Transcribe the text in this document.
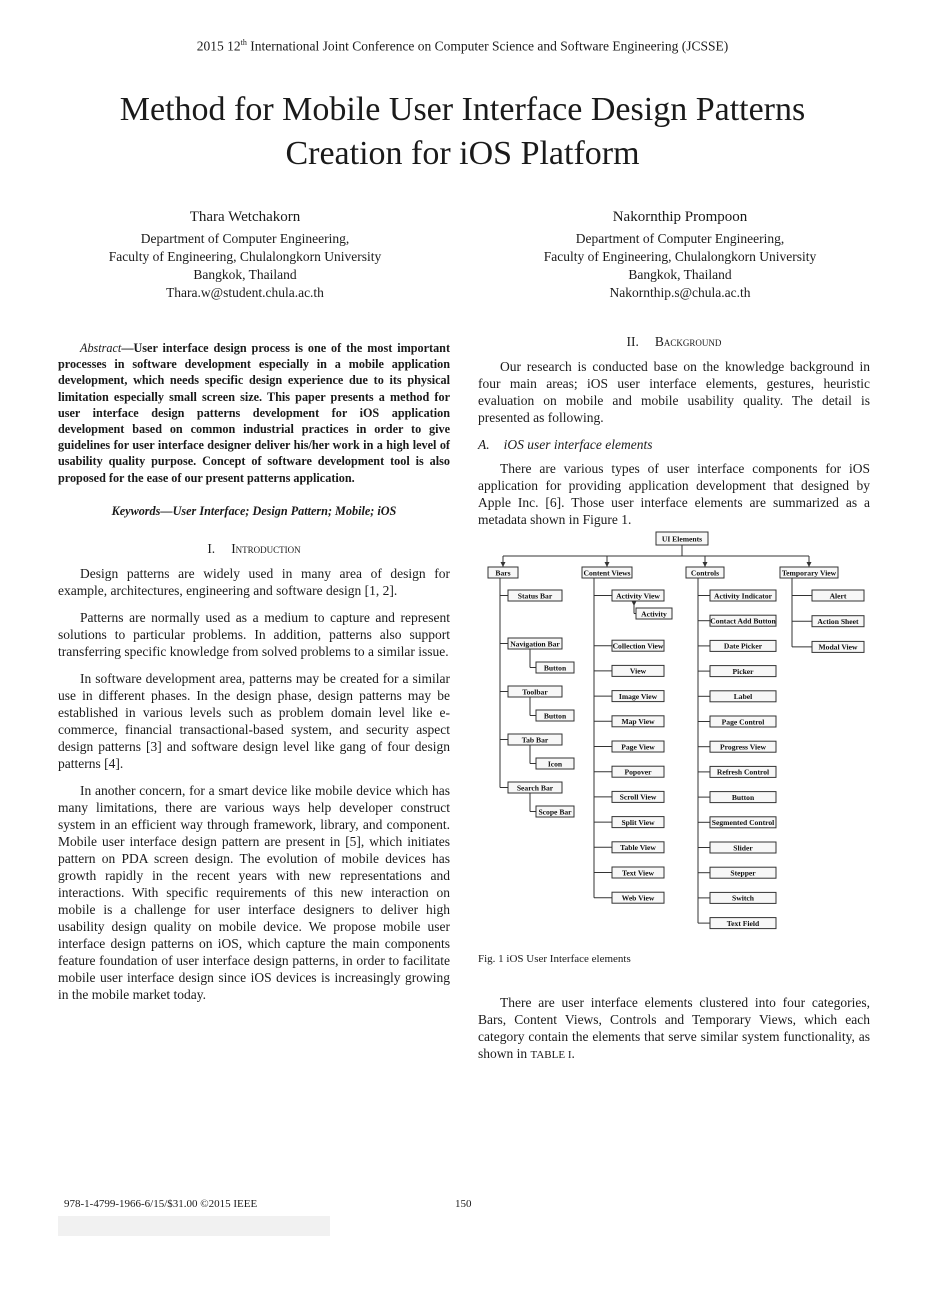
2015 12th International Joint Conference on Computer Science and Software Engineering (JCSSE)
Method for Mobile User Interface Design Patterns
Creation for iOS Platform
Thara Wetchakorn
Department of Computer Engineering,
Faculty of Engineering, Chulalongkorn University
Bangkok, Thailand
Thara.w@student.chula.ac.th
Nakornthip Prompoon
Department of Computer Engineering,
Faculty of Engineering, Chulalongkorn University
Bangkok, Thailand
Nakornthip.s@chula.ac.th

Abstract—User interface design process is one of the most important processes in software development especially in a mobile application development, which needs specific design experience due to its physical limitation especially small screen size. This paper presents a method for user interface design patterns development for iOS application development based on common industrial practices in order to give guidelines for user interface designer deliver his/her work in a high level of usability quality purpose. Concept of software development tool is also proposed for the ease of our present patterns application.

Keywords—User Interface; Design Pattern; Mobile; iOS

I. Introduction

Design patterns are widely used in many area of design for example, architectures, engineering and software design [1, 2].

Patterns are normally used as a medium to capture and represent solutions to particular problems. In addition, patterns also support transferring specific knowledge from solved problems to a similar issue.

In software development area, patterns may be created for a similar use in different phases. In the design phase, design patterns may be established in various levels such as problem domain level like e-commerce, financial transactional-based system, and security aspect design patterns [3] and software design level like gang of four design patterns [4].

In another concern, for a smart device like mobile device which has many limitations, there are various ways help developer construct system in an efficient way through framework, library, and component. Mobile user interface design pattern are present in [5], which initiates pattern on PDA screen design. The evolution of mobile devices has growth rapidly in the recent years with new representations and interactions. With specific requirements of this new interaction on mobile is a challenge for user interface designers to deliver high usability design quality on mobile device. We propose mobile user interface design patterns on iOS, which capture the main components feature foundation of user interface design patterns, in order to facilitate mobile user interface design since iOS devices is increasingly growing in the mobile market today.

II. Background

Our research is conducted base on the knowledge background in four main areas; iOS user interface elements, gestures, heuristic evaluation on mobile and mobile usability quality. The detail is presented as following.

A. iOS user interface elements

There are various types of user interface components for iOS application for providing application development that designed by Apple Inc. [6]. Those user interface elements are summarized as a metadata shown in Figure 1.

UI Elements
Bars
Status Bar
Navigation Bar
Button
Toolbar
Button
Tab Bar
Icon
Search Bar
Scope Bar
Content Views
Activity View
Activity
Collection View
View
Image View
Map View
Page View
Popover
Scroll View
Split View
Table View
Text View
Web View
Controls
Activity Indicator
Contact Add Button
Date Picker
Picker
Label
Page Control
Progress View
Refresh Control
Button
Segmented Control
Slider
Stepper
Switch
Text Field
Temporary View
Alert
Action Sheet
Modal View
Fig. 1 iOS User Interface elements

There are user interface elements clustered into four categories, Bars, Content Views, Controls and Temporary Views, which each category contain the elements that serve similar system functionality, as shown in TABLE I.

978-1-4799-1966-6/15/$31.00 ©2015 IEEE	150
